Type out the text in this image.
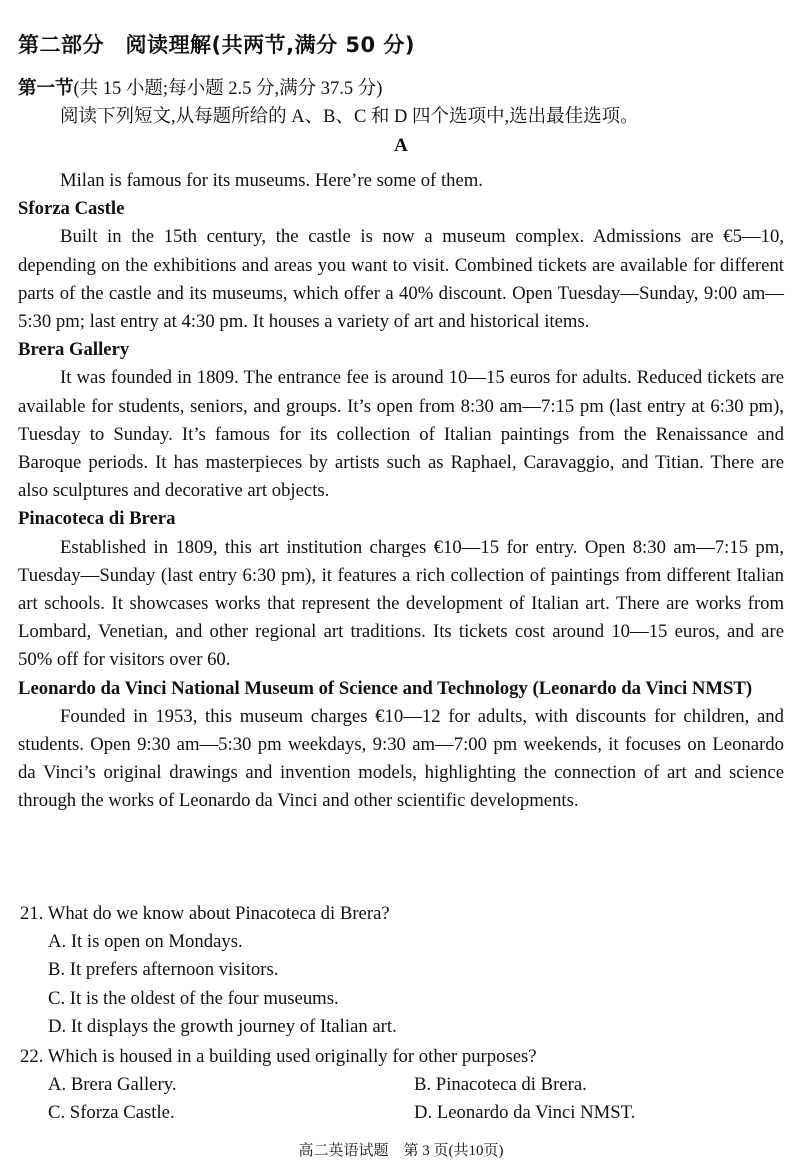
第二部分　阅读理解(共两节,满分 50 分)
第一节(共 15 小题;每小题 2.5 分,满分 37.5 分)
阅读下列短文,从每题所给的 A、B、C 和 D 四个选项中,选出最佳选项。
A

Milan is famous for its museums. Here’re some of them.

Sforza Castle

Built in the 15th century, the castle is now a museum complex. Admissions are €5—10, depending on the exhibitions and areas you want to visit. Combined tickets are available for different parts of the castle and its museums, which offer a 40% discount. Open Tuesday—Sunday, 9:00 am—5:30 pm; last entry at 4:30 pm. It houses a variety of art and historical items.

Brera Gallery

It was founded in 1809. The entrance fee is around 10—15 euros for adults. Reduced tickets are available for students, seniors, and groups. It’s open from 8:30 am—7:15 pm (last entry at 6:30 pm), Tuesday to Sunday. It’s famous for its collection of Italian paintings from the Renaissance and Baroque periods. It has masterpieces by artists such as Raphael, Caravaggio, and Titian. There are also sculptures and decorative art objects.

Pinacoteca di Brera

Established in 1809, this art institution charges €10—15 for entry. Open 8:30 am—7:15 pm, Tuesday—Sunday (last entry 6:30 pm), it features a rich collection of paintings from different Italian art schools. It showcases works that represent the development of Italian art. There are works from Lombard, Venetian, and other regional art traditions. Its tickets cost around 10—15 euros, and are 50% off for visitors over 60.

Leonardo da Vinci National Museum of Science and Technology (Leonardo da Vinci NMST)

Founded in 1953, this museum charges €10—12 for adults, with discounts for children, and students. Open 9:30 am—5:30 pm weekdays, 9:30 am—7:00 pm weekends, it focuses on Leonardo da Vinci’s original drawings and invention models, highlighting the connection of art and science through the works of Leonardo da Vinci and other scientific developments.

21. What do we know about Pinacoteca di Brera?
A. It is open on Mondays.
B. It prefers afternoon visitors.
C. It is the oldest of the four museums.
D. It displays the growth journey of Italian art.
22. Which is housed in a building used originally for other purposes?
A. Brera Gallery.	B. Pinacoteca di Brera.
C. Sforza Castle.	D. Leonardo da Vinci NMST.
高二英语试题　第 3 页(共10页)
